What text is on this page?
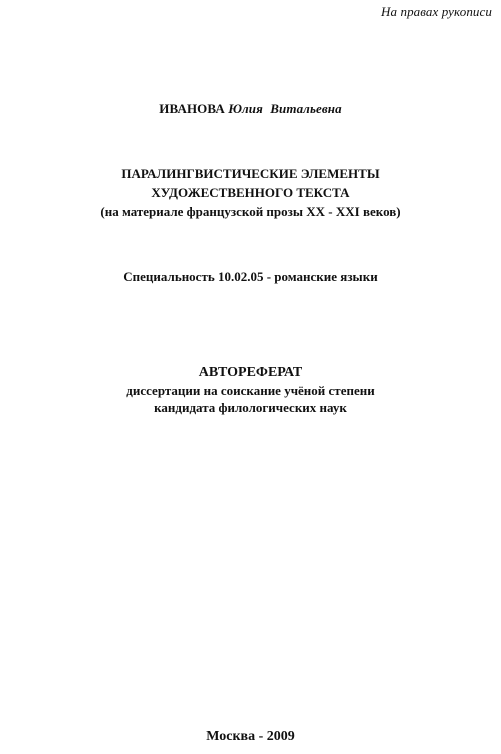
На правах рукописи
ИВАНОВА Юлия Витальевна
ПАРАЛИНГВИСТИЧЕСКИЕ ЭЛЕМЕНТЫ
ХУДОЖЕСТВЕННОГО ТЕКСТА
(на материале французской прозы XX - XXI веков)
Специальность 10.02.05 - романские языки
АВТОРЕФЕРАТ
диссертации на соискание учёной степени
кандидата филологических наук
Москва - 2009
